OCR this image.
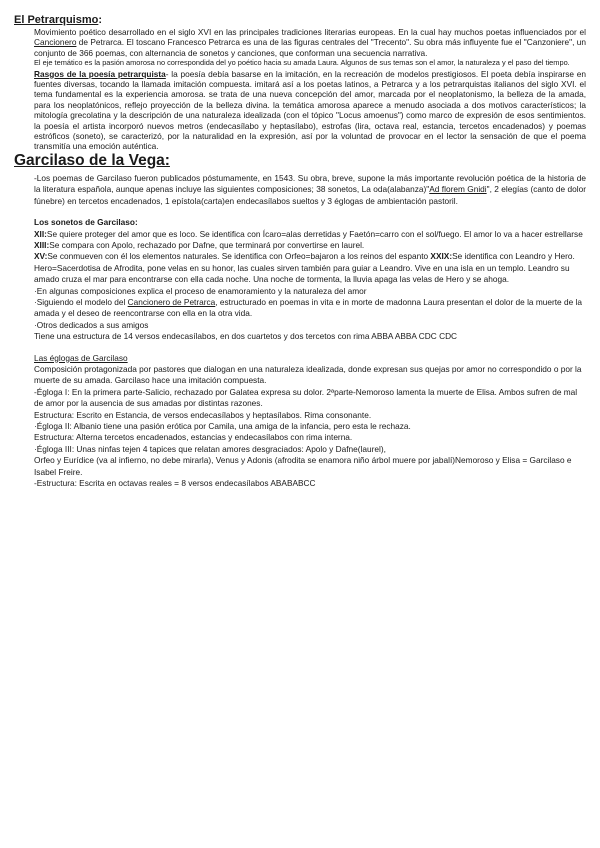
El Petrarquismo:

Movimiento poético desarrollado en el siglo XVI en las principales tradiciones literarias europeas. En la cual hay muchos poetas influenciados por el Cancionero de Petrarca. El toscano Francesco Petrarca es una de las figuras centrales del "Trecento". Su obra más influyente fue el "Canzoniere", un conjunto de 366 poemas, con alternancia de sonetos y canciones, que conforman una secuencia narrativa.

El eje temático es la pasión amorosa no correspondida del yo poético hacia su amada Laura. Algunos de sus temas son el amor, la naturaleza y el paso del tiempo.

Rasgos de la poesía petrarquista- la poesía debía basarse en la imitación, en la recreación de modelos prestigiosos. El poeta debía inspirarse en fuentes diversas, tocando la llamada imitación compuesta. imitará así a los poetas latinos, a Petrarca y a los petrarquistas italianos del siglo XVI. el tema fundamental es la experiencia amorosa. se trata de una nueva concepción del amor, marcada por el neoplatonismo, la belleza de la amada, para los neoplatónicos, reflejo proyección de la belleza divina. la temática amorosa aparece a menudo asociada a dos motivos característicos; la mitología grecolatina y la descripción de una naturaleza idealizada (con el tópico "Locus amoenus") como marco de expresión de esos sentimientos. la poesía el artista incorporó nuevos metros (endecasílabo y heptasílabo), estrofas (lira, octava real, estancia, tercetos encadenados) y poemas estróficos (soneto), se caracterizó, por la naturalidad en la expresión, así por la voluntad de provocar en el lector la sensación de que el poema transmitía una emoción auténtica.

Garcilaso de la Vega:

-Los poemas de Garcilaso fueron publicados póstumamente, en 1543. Su obra, breve, supone la más importante revolución poética de la historia de la literatura española, aunque apenas incluye las siguientes composiciones; 38 sonetos, La oda(alabanza)"Ad florem Gnidi", 2 elegías (canto de dolor fúnebre) en tercetos encadenados, 1 epístola(carta)en endecasílabos sueltos y 3 églogas de ambientación pastoril.

Los sonetos de Garcilaso:

XII:Se quiere proteger del amor que es loco. Se identifica con Ícaro=alas derretidas y Faetón=carro con el sol/fuego. El amor lo va a hacer estrellarse

XIII:Se compara con Apolo, rechazado por Dafne, que terminará por convertirse en laurel.

XV:Se conmueven con él los elementos naturales. Se identifica con Orfeo=bajaron a los reinos del espanto XXIX:Se identifica con Leandro y Hero. Hero=Sacerdotisa de Afrodita, pone velas en su honor, las cuales sirven también para guiar a Leandro. Vive en una isla en un templo. Leandro su amado cruza el mar para encontrarse con ella cada noche. Una noche de tormenta, la lluvia apaga las velas de Hero y se ahoga.

·En algunas composiciones explica el proceso de enamoramiento y la naturaleza del amor

·Siguiendo el modelo del Cancionero de Petrarca, estructurado en poemas in vita e in morte de madonna Laura presentan el dolor de la muerte de la amada y el deseo de reencontrarse con ella en la otra vida.

·Otros dedicados a sus amigos

Tiene una estructura de 14 versos endecasílabos, en dos cuartetos y dos tercetos con rima ABBA ABBA CDC CDC

Las églogas de Garcilaso

Composición protagonizada por pastores que dialogan en una naturaleza idealizada, donde expresan sus quejas por amor no correspondido o por la muerte de su amada. Garcilaso hace una imitación compuesta.

-Égloga I: En la primera parte-Salicio, rechazado por Galatea expresa su dolor. 2ªparte-Nemoroso lamenta la muerte de Elisa. Ambos sufren de mal de amor por la ausencia de sus amadas por distintas razones.

Estructura: Escrito en Estancia, de versos endecasílabos y heptasílabos. Rima consonante.

·Égloga II: Albanio tiene una pasión erótica por Camila, una amiga de la infancia, pero esta le rechaza.

Estructura: Alterna tercetos encadenados, estancias y endecasílabos con rima interna.

·Égloga III: Unas ninfas tejen 4 tapices que relatan amores desgraciados: Apolo y Dafne(laurel),

Orfeo y Eurídice (va al infierno, no debe mirarla), Venus y Adonis (afrodita se enamora niño árbol muere por jabalí)Nemoroso y Elisa = Garcilaso e Isabel Freire.

-Estructura: Escrita en octavas reales = 8 versos endecasílabos ABABABCC
